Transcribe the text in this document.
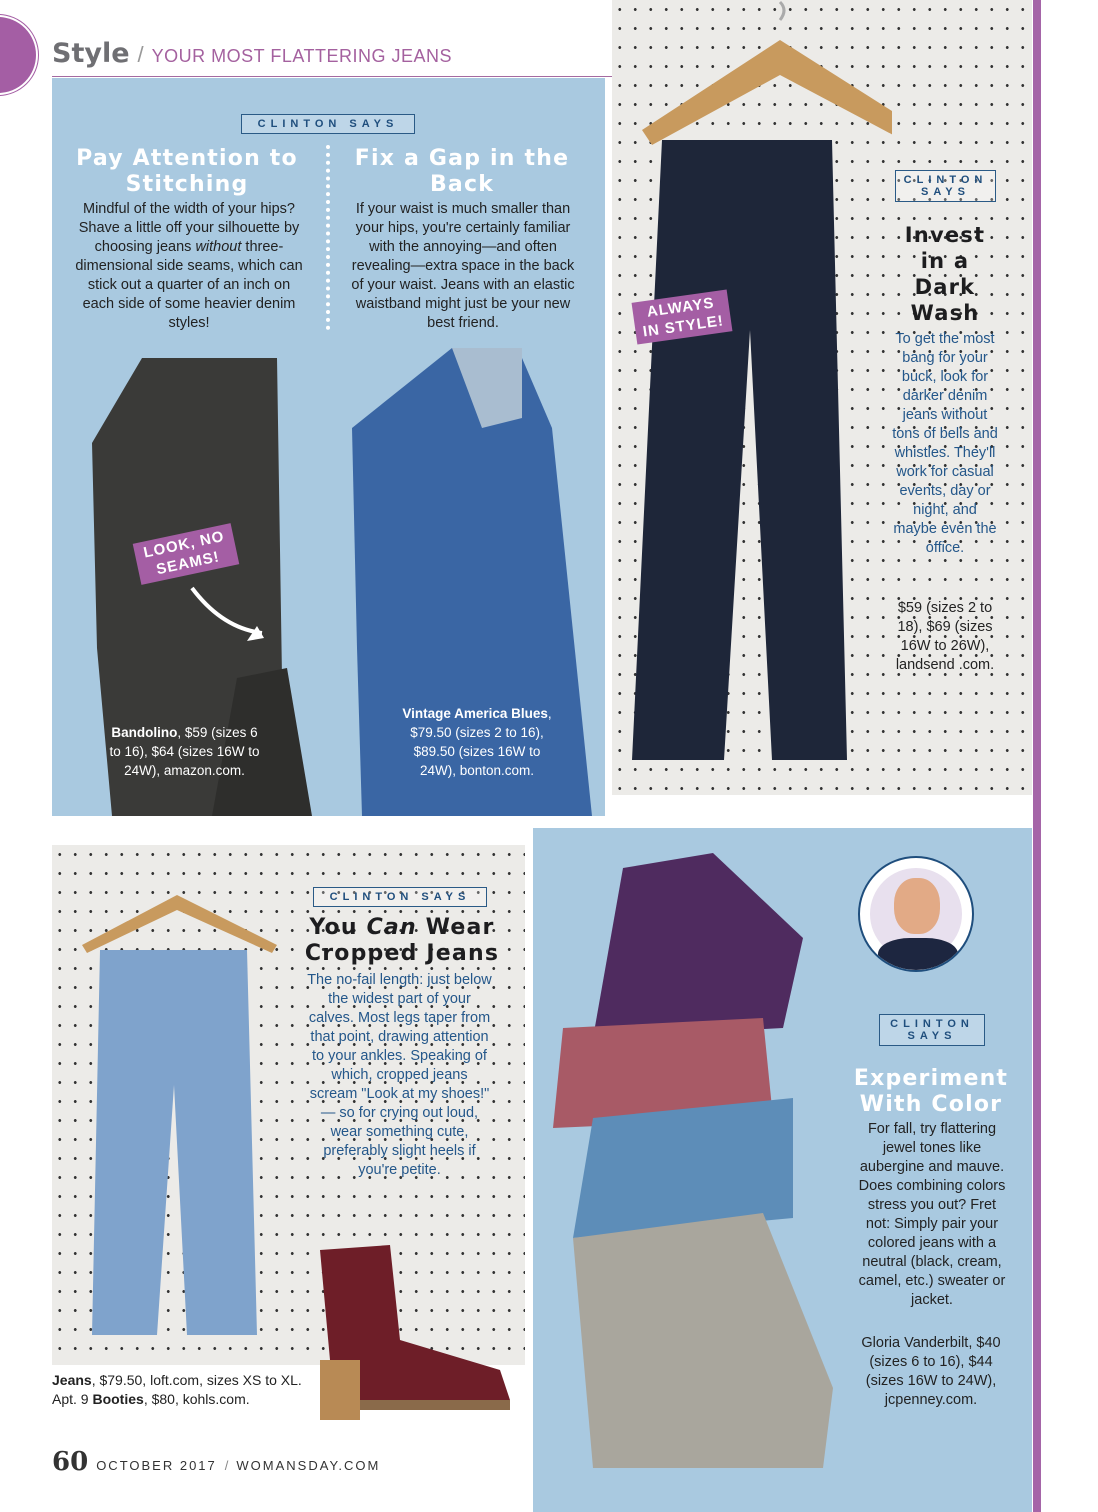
Style / YOUR MOST FLATTERING JEANS
CLINTON SAYS
Pay Attention to Stitching
Mindful of the width of your hips? Shave a little off your silhouette by choosing jeans without three-dimensional side seams, which can stick out a quarter of an inch on each side of some heavier denim styles!
Fix a Gap in the Back
If your waist is much smaller than your hips, you're certainly familiar with the annoying—and often revealing—extra space in the back of your waist. Jeans with an elastic waistband might just be your new best friend.
LOOK, NO SEAMS!
Bandolino, $59 (sizes 6 to 16), $64 (sizes 16W to 24W), amazon.com.
Vintage America Blues, $79.50 (sizes 2 to 16), $89.50 (sizes 16W to 24W), bonton.com.
ALWAYS IN STYLE!
CLINTON SAYS
Invest in a Dark Wash
To get the most bang for your buck, look for darker denim jeans without tons of bells and whistles. They'll work for casual events, day or night, and maybe even the office.
$59 (sizes 2 to 18), $69 (sizes 16W to 26W), landsend .com.
CLINTON SAYS
You Can Wear Cropped Jeans
The no-fail length: just below the widest part of your calves. Most legs taper from that point, drawing attention to your ankles. Speaking of which, cropped jeans scream "Look at my shoes!" — so for crying out loud, wear something cute, preferably slight heels if you're petite.
Jeans, $79.50, loft.com, sizes XS to XL. Apt. 9 Booties, $80, kohls.com.
CLINTON SAYS
Experiment With Color
For fall, try flattering jewel tones like aubergine and mauve. Does combining colors stress you out? Fret not: Simply pair your colored jeans with a neutral (black, cream, camel, etc.) sweater or jacket.
Gloria Vanderbilt, $40 (sizes 6 to 16), $44 (sizes 16W to 24W), jcpenney.com.
60 OCTOBER 2017 / WOMANSDAY.COM
